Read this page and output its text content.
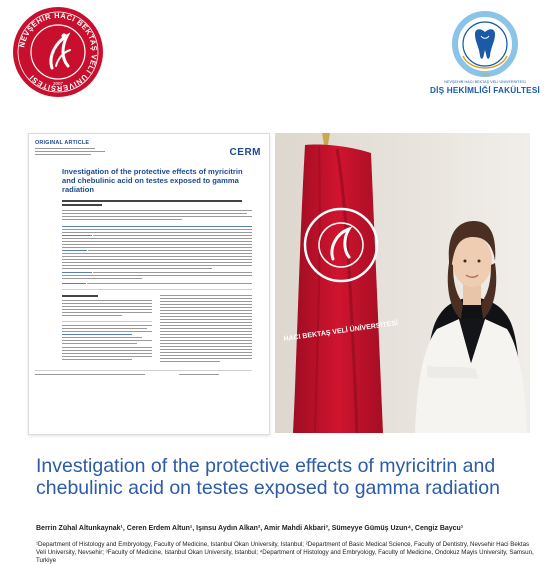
NEVŞEHİR HACI BEKTAŞ VELİ ÜNİVERSİTESİ
2007
2019
NEVŞEHİR HACI BEKTAŞ VELİ ÜNİVERSİTESİ
DİŞ HEKİMLİĞİ FAKÜLTESİ
ORIGINAL ARTICLE
CERM
Investigation of the protective effects of myricitrin and chebulinic acid on testes exposed to gamma radiation
HACI BEKTAŞ VELİ ÜNİVERSİTESİ
Investigation of the protective effects of myricitrin and chebulinic acid on testes exposed to gamma radiation
Berrin Zühal Altunkaynak¹, Ceren Erdem Altun¹, Işınsu Aydın Alkan², Amir Mahdi Akbari³, Sümeyye Gümüş Uzun⁴, Cengiz Baycu¹
¹Department of Histology and Embryology, Faculty of Medicine, Istanbul Okan University, Istanbul; ²Department of Basic Medical Science, Faculty of Dentistry, Nevsehir Haci Bektas Veli University, Nevsehir; ³Faculty of Medicine, Istanbul Okan University, Istanbul; ⁴Department of Histology and Embryology, Faculty of Medicine, Ondokuz Mayis University, Samsun, Turkiye
